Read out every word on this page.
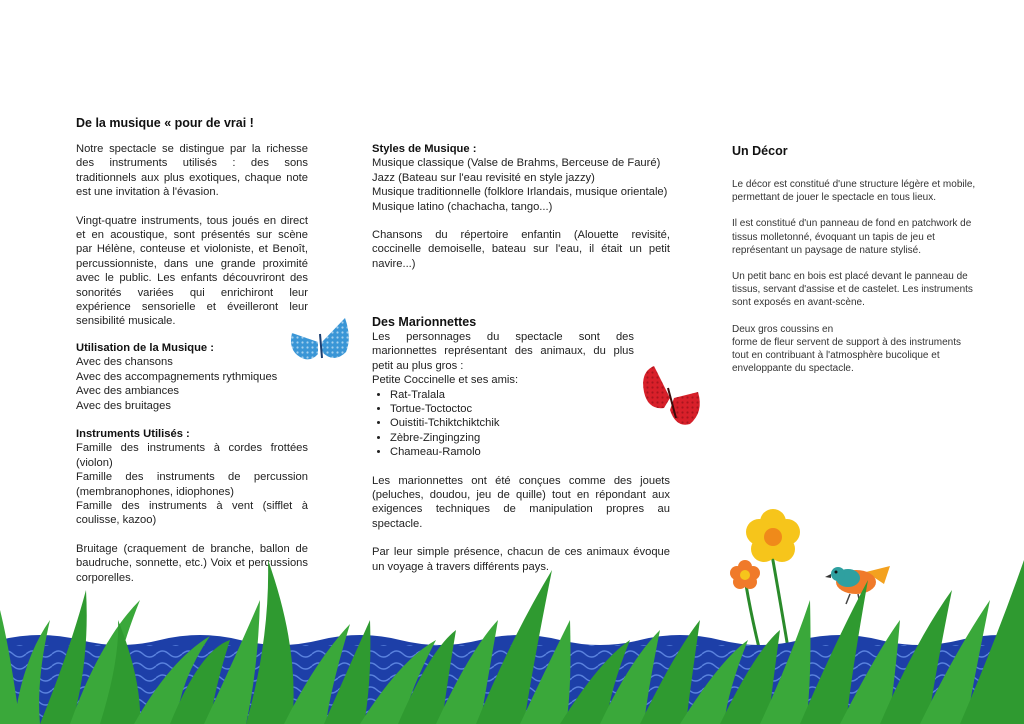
De la musique « pour de vrai !

Notre spectacle se distingue par la richesse des instruments utilisés : des sons traditionnels aux plus exotiques, chaque note est une invitation à l'évasion.

Vingt-quatre instruments, tous joués en direct et en acoustique, sont présentés sur scène par Hélène, conteuse et violoniste, et Benoît, percussionniste, dans une grande proximité avec le public. Les enfants découvriront des sonorités variées qui enrichiront leur expérience sensorielle et éveilleront leur sensibilité musicale.

Utilisation de la Musique :
Avec des chansons
Avec des accompagnements rythmiques
Avec des ambiances
Avec des bruitages
Instruments Utilisés :

Famille des instruments à cordes frottées (violon)

Famille des instruments de percussion (membranophones, idiophones)

Famille des instruments à vent (sifflet à coulisse, kazoo)

Bruitage (craquement de branche, ballon de baudruche, sonnette, etc.) Voix et percussions corporelles.

Styles de Musique :

Musique classique (Valse de Brahms, Berceuse de Fauré)

Jazz (Bateau sur l'eau revisité en style jazzy)

Musique traditionnelle (folklore Irlandais, musique orientale)

Musique latino (chachacha, tango...)

Chansons du répertoire enfantin (Alouette revisité, coccinelle demoiselle, bateau sur l'eau, il était un petit navire...)

Des Marionnettes

Les personnages du spectacle sont des marionnettes représentant des animaux, du plus petit au plus gros :

Petite Coccinelle et ses amis:

• Rat-Tralala
• Tortue-Toctoctoc
• Ouistiti-Tchiktchiktchik
• Zèbre-Zingingzing
• Chameau-Ramolo

Les marionnettes ont été conçues comme des jouets (peluches, doudou, jeu de quille) tout en répondant aux exigences techniques de manipulation propres au spectacle.

Par leur simple présence, chacun de ces animaux évoque un voyage à travers différents pays.

Un Décor

Le décor est constitué d'une structure légère et mobile, permettant de jouer le spectacle en tous lieux.

Il est constitué d'un panneau de fond en patchwork de tissus molletonné, évoquant un tapis de jeu et représentant un paysage de nature stylisé.

Un petit banc en bois est placé devant le panneau de tissus, servant d'assise et de castelet. Les instruments sont exposés en avant-scène.

Deux gros coussins en

forme de fleur servent de support à des instruments tout en contribuant à l'atmosphère bucolique et enveloppante du spectacle.
